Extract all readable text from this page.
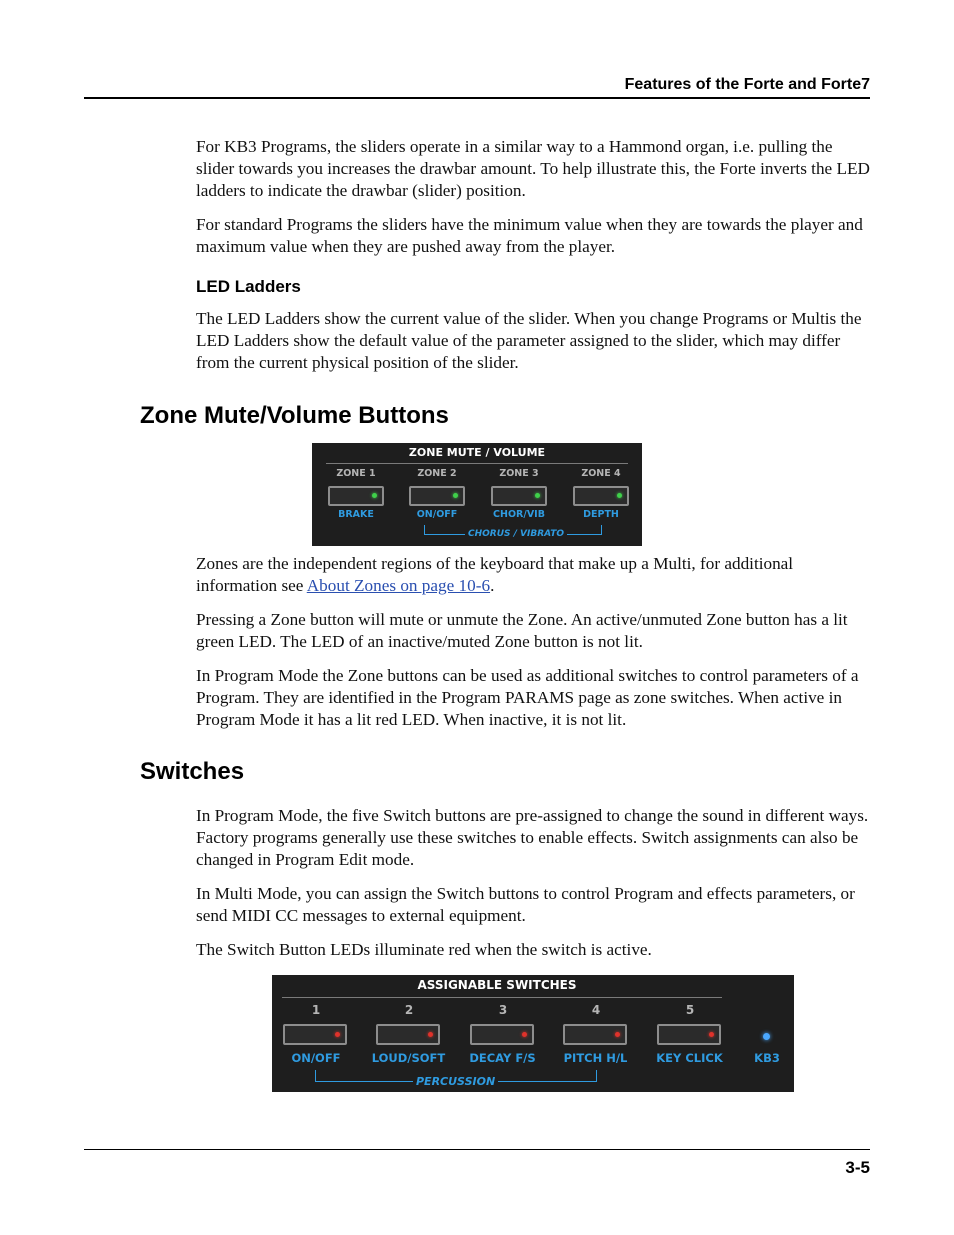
Features of the Forte and Forte7

For KB3 Programs, the sliders operate in a similar way to a Hammond organ, i.e. pulling the slider towards you increases the drawbar amount. To help illustrate this, the Forte inverts the LED ladders to indicate the drawbar (slider) position.

For standard Programs the sliders have the minimum value when they are towards the player and maximum value when they are pushed away from the player.

LED Ladders

The LED Ladders show the current value of the slider. When you change Programs or Multis the LED Ladders show the default value of the parameter assigned to the slider, which may differ from the current physical position of the slider.

Zone Mute/Volume Buttons
ZONE MUTE / VOLUME
ZONE 1	ZONE 2	ZONE 3	ZONE 4
BRAKE	ON/OFF	CHOR/VIB	DEPTH
CHORUS / VIBRATO

Zones are the independent regions of the keyboard that make up a Multi, for additional information see About Zones on page 10-6.

Pressing a Zone button will mute or unmute the Zone. An active/unmuted Zone button has a lit green LED. The LED of an inactive/muted Zone button is not lit.

In Program Mode the Zone buttons can be used as additional switches to control parameters of a Program. They are identified in the Program PARAMS page as zone switches. When active in Program Mode it has a lit red LED. When inactive, it is not lit.

Switches

In Program Mode, the five Switch buttons are pre-assigned to change the sound in different ways. Factory programs generally use these switches to enable effects. Switch assignments can also be changed in Program Edit mode.

In Multi Mode, you can assign the Switch buttons to control Program and effects parameters, or send MIDI CC messages to external equipment.

The Switch Button LEDs illuminate red when the switch is active.

ASSIGNABLE SWITCHES
1	2	3	4	5
ON/OFF	LOUD/SOFT	DECAY F/S	PITCH H/L	KEY CLICK	KB3
PERCUSSION
3-5
